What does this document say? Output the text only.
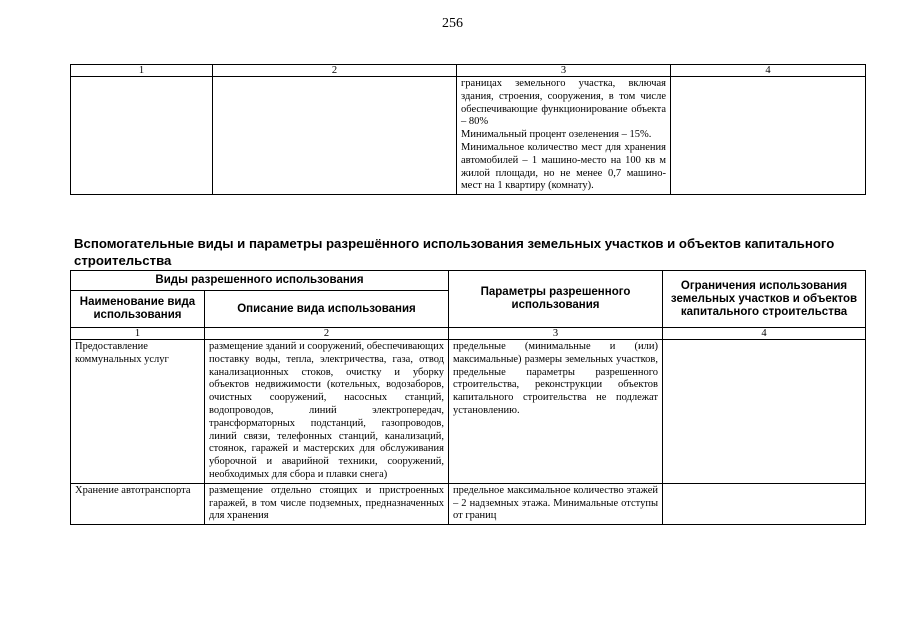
256
1	2	3	4

		границах земельного участка, включая здания, строения, сооружения, в том числе обеспечивающие функционирование объекта – 80%

Минимальный процент озеленения – 15%.

Минимальное количество мест для хранения автомобилей – 1 машино-место на 100 кв м жилой площади, но не менее 0,7 машино-мест на 1 квартиру (комнату).	

Вспомогательные виды и параметры разрешённого использования земельных участков и объектов капитального строительства
Виды разрешенного использования		Параметры разрешенного использования	Ограничения использования земельных участков и объектов капитального строительства
Наименование вида использования	Описание вида использования		
1	2	3	4
Предоставление коммунальных услуг	размещение зданий и сооружений, обеспечивающих поставку воды, тепла, электричества, газа, отвод канализационных стоков, очистку и уборку объектов недвижимости (котельных, водозаборов, очистных сооружений, насосных станций, водопроводов, линий электропередач, трансформаторных подстанций, газопроводов, линий связи, телефонных станций, канализаций, стоянок, гаражей и мастерских для обслуживания уборочной и аварийной техники, сооружений, необходимых для сбора и плавки снега)	предельные (минимальные и (или) максимальные) размеры земельных участков, предельные параметры разрешенного строительства, реконструкции объектов капитального строительства не подлежат установлению.	

Хранение автотранспорта	размещение отдельно стоящих и пристроенных гаражей, в том числе подземных, предназначенных для хранения	предельное максимальное количество этажей – 2 надземных этажа. Минимальные отступы от границ	
